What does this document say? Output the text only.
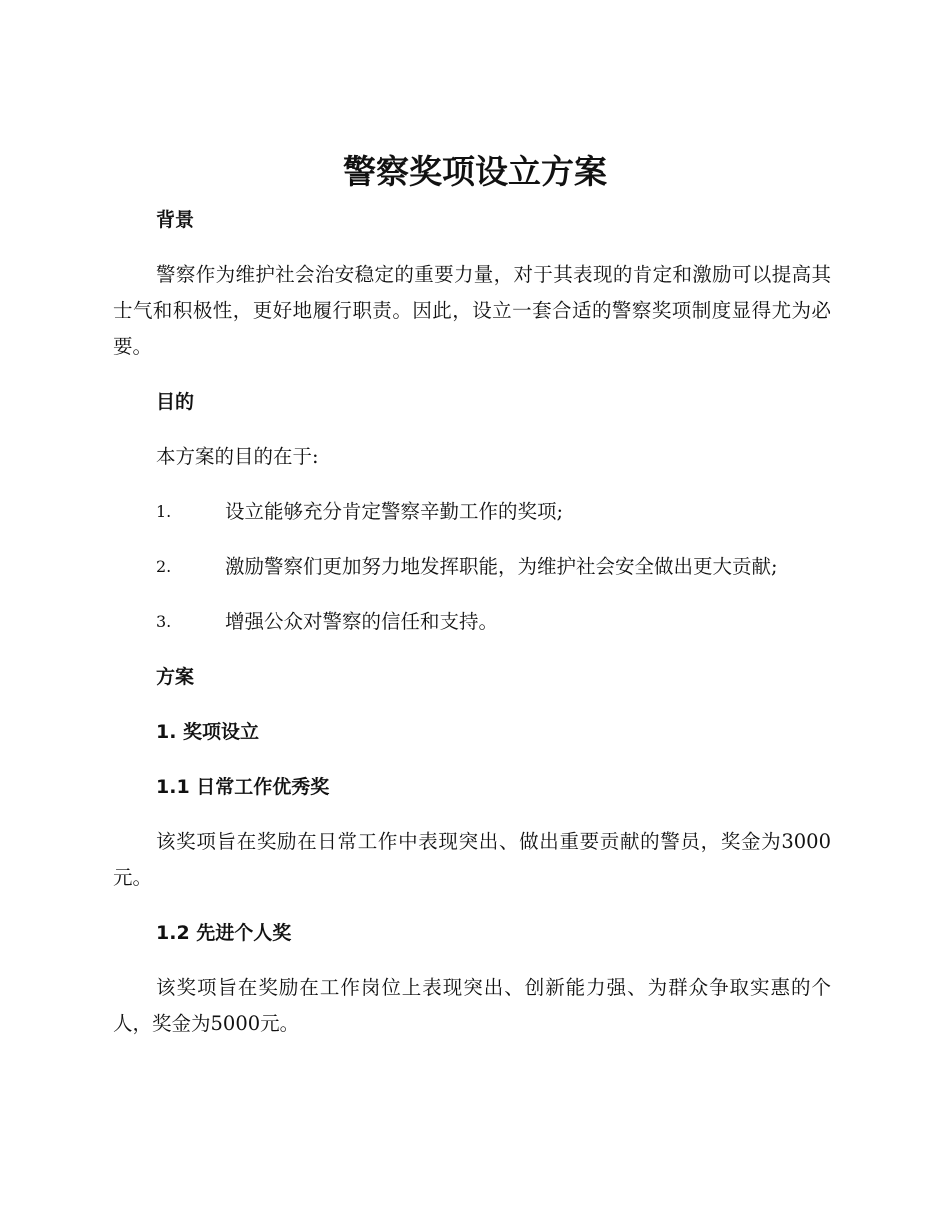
警察奖项设立方案
背景

警察作为维护社会治安稳定的重要力量，对于其表现的肯定和激励可以提高其士气和积极性，更好地履行职责。因此，设立一套合适的警察奖项制度显得尤为必要。

目的

本方案的目的在于:

1.	设立能够充分肯定警察辛勤工作的奖项;
2.	激励警察们更加努力地发挥职能，为维护社会安全做出更大贡献;
3.	增强公众对警察的信任和支持。
方案
1. 奖项设立
1.1 日常工作优秀奖

该奖项旨在奖励在日常工作中表现突出、做出重要贡献的警员，奖金为3000元。

1.2 先进个人奖

该奖项旨在奖励在工作岗位上表现突出、创新能力强、为群众争取实惠的个人，奖金为5000元。
